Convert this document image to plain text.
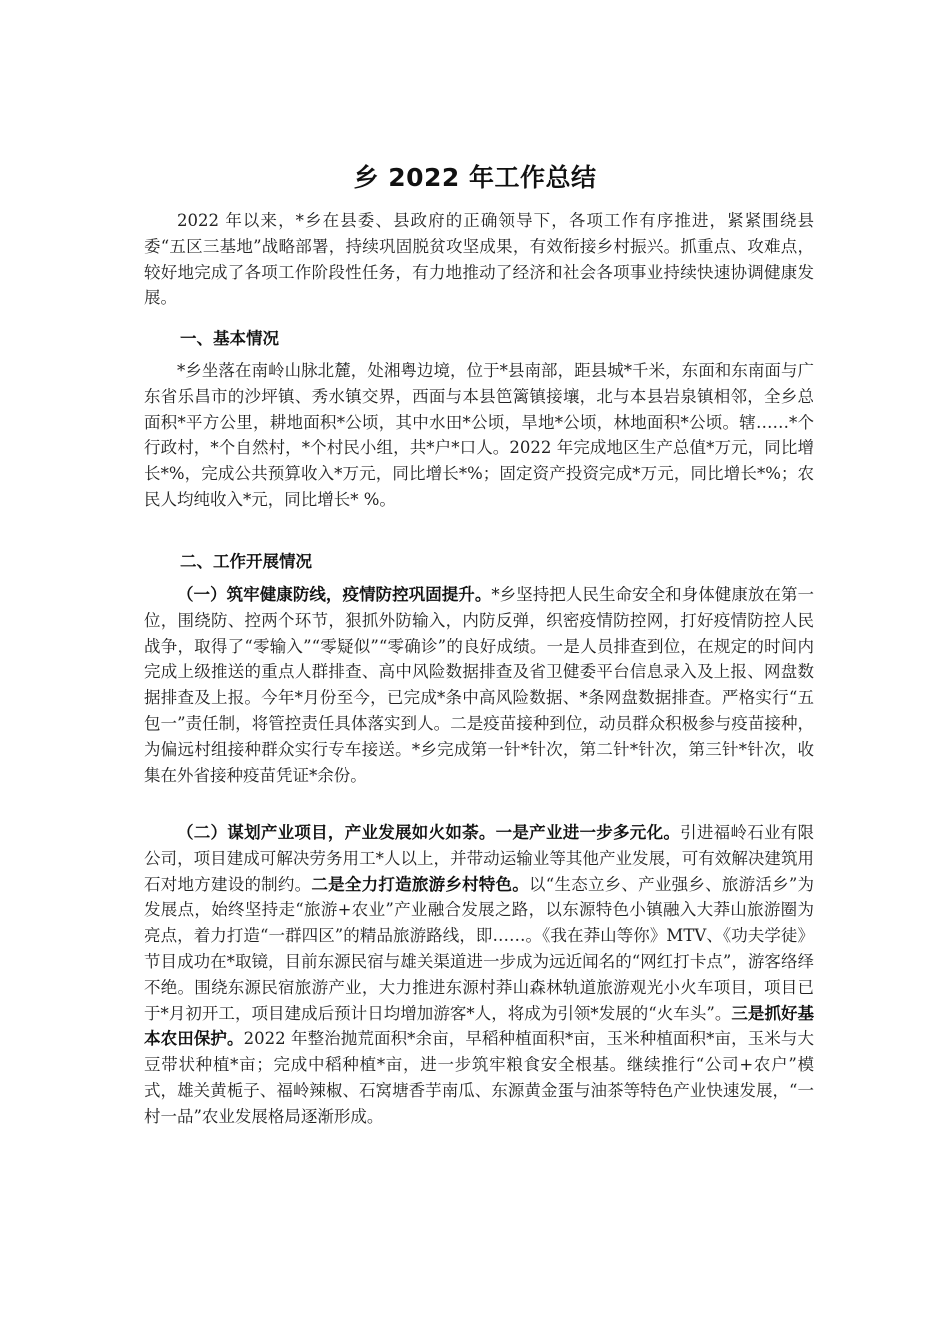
乡 2022 年工作总结

2022 年以来，*乡在县委、县政府的正确领导下，各项工作有序推进，紧紧围绕县委“五区三基地”战略部署，持续巩固脱贫攻坚成果，有效衔接乡村振兴。抓重点、攻难点，较好地完成了各项工作阶段性任务，有力地推动了经济和社会各项事业持续快速协调健康发展。

一、基本情况

*乡坐落在南岭山脉北麓，处湘粤边境，位于*县南部，距县城*千米，东面和东南面与广东省乐昌市的沙坪镇、秀水镇交界，西面与本县笆篱镇接壤，北与本县岩泉镇相邻，全乡总面积*平方公里，耕地面积*公顷，其中水田*公顷，旱地*公顷，林地面积*公顷。辖……*个行政村，*个自然村，*个村民小组，共*户*口人。2022 年完成地区生产总值*万元，同比增长*%，完成公共预算收入*万元，同比增长*%；固定资产投资完成*万元，同比增长*%；农民人均纯收入*元，同比增长* %。

二、工作开展情况

（一）筑牢健康防线，疫情防控巩固提升。*乡坚持把人民生命安全和身体健康放在第一位，围绕防、控两个环节，狠抓外防输入，内防反弹，织密疫情防控网，打好疫情防控人民战争，取得了“零输入”“零疑似”“零确诊”的良好成绩。一是人员排查到位，在规定的时间内完成上级推送的重点人群排查、高中风险数据排查及省卫健委平台信息录入及上报、网盘数据排查及上报。今年*月份至今，已完成*条中高风险数据、*条网盘数据排查。严格实行“五包一”责任制，将管控责任具体落实到人。二是疫苗接种到位，动员群众积极参与疫苗接种，为偏远村组接种群众实行专车接送。*乡完成第一针*针次，第二针*针次，第三针*针次，收集在外省接种疫苗凭证*余份。

（二）谋划产业项目，产业发展如火如荼。一是产业进一步多元化。引进福岭石业有限公司，项目建成可解决劳务用工*人以上，并带动运输业等其他产业发展，可有效解决建筑用石对地方建设的制约。二是全力打造旅游乡村特色。以“生态立乡、产业强乡、旅游活乡”为发展点，始终坚持走“旅游+农业”产业融合发展之路，以东源特色小镇融入大莽山旅游圈为亮点，着力打造“一群四区”的精品旅游路线，即……。《我在莽山等你》MTV、《功夫学徒》节目成功在*取镜，目前东源民宿与雄关渠道进一步成为远近闻名的“网红打卡点”，游客络绎不绝。围绕东源民宿旅游产业，大力推进东源村莽山森林轨道旅游观光小火车项目，项目已于*月初开工，项目建成后预计日均增加游客*人，将成为引领*发展的“火车头”。三是抓好基本农田保护。2022 年整治抛荒面积*余亩，早稻种植面积*亩，玉米种植面积*亩，玉米与大豆带状种植*亩；完成中稻种植*亩，进一步筑牢粮食安全根基。继续推行“公司+农户”模式，雄关黄栀子、福岭辣椒、石窝塘香芋南瓜、东源黄金蛋与油茶等特色产业快速发展，“一村一品”农业发展格局逐渐形成。
